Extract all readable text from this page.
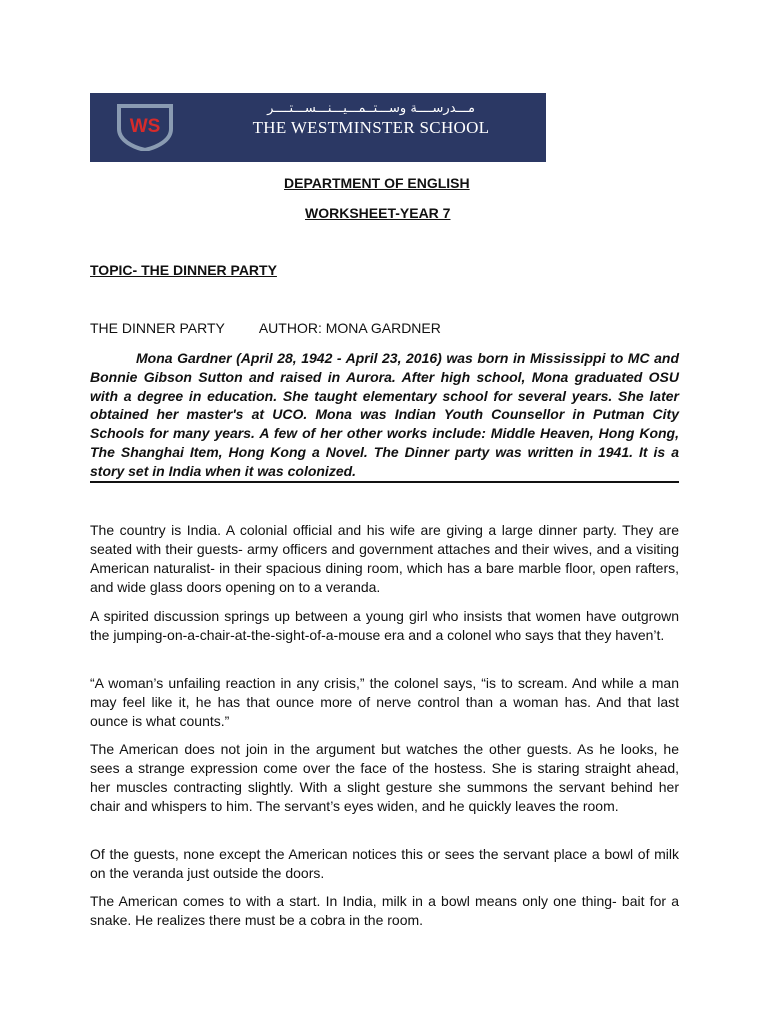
WS
مـــدرســــة وســـتــمـــيـــنـــســـتــــر
THE WESTMINSTER SCHOOL
DEPARTMENT OF ENGLISH
WORKSHEET-YEAR 7
TOPIC- THE DINNER PARTY
THE DINNER PARTY AUTHOR: MONA GARDNER

Mona Gardner (April 28, 1942 - April 23, 2016) was born in Mississippi to MC and Bonnie Gibson Sutton and raised in Aurora. After high school, Mona graduated OSU with a degree in education. She taught elementary school for several years. She later obtained her master's at UCO. Mona was Indian Youth Counsellor in Putman City Schools for many years. A few of her other works include: Middle Heaven, Hong Kong, The Shanghai Item, Hong Kong a Novel. The Dinner party was written in 1941. It is a story set in India when it was colonized.

The country is India. A colonial official and his wife are giving a large dinner party. They are seated with their guests- army officers and government attaches and their wives, and a visiting American naturalist- in their spacious dining room, which has a bare marble floor, open rafters, and wide glass doors opening on to a veranda.

A spirited discussion springs up between a young girl who insists that women have outgrown the jumping-on-a-chair-at-the-sight-of-a-mouse era and a colonel who says that they haven’t.

“A woman’s unfailing reaction in any crisis,” the colonel says, “is to scream. And while a man may feel like it, he has that ounce more of nerve control than a woman has. And that last ounce is what counts.”

The American does not join in the argument but watches the other guests. As he looks, he sees a strange expression come over the face of the hostess. She is staring straight ahead, her muscles contracting slightly. With a slight gesture she summons the servant behind her chair and whispers to him. The servant’s eyes widen, and he quickly leaves the room.

Of the guests, none except the American notices this or sees the servant place a bowl of milk on the veranda just outside the doors.

The American comes to with a start. In India, milk in a bowl means only one thing- bait for a snake. He realizes there must be a cobra in the room.
